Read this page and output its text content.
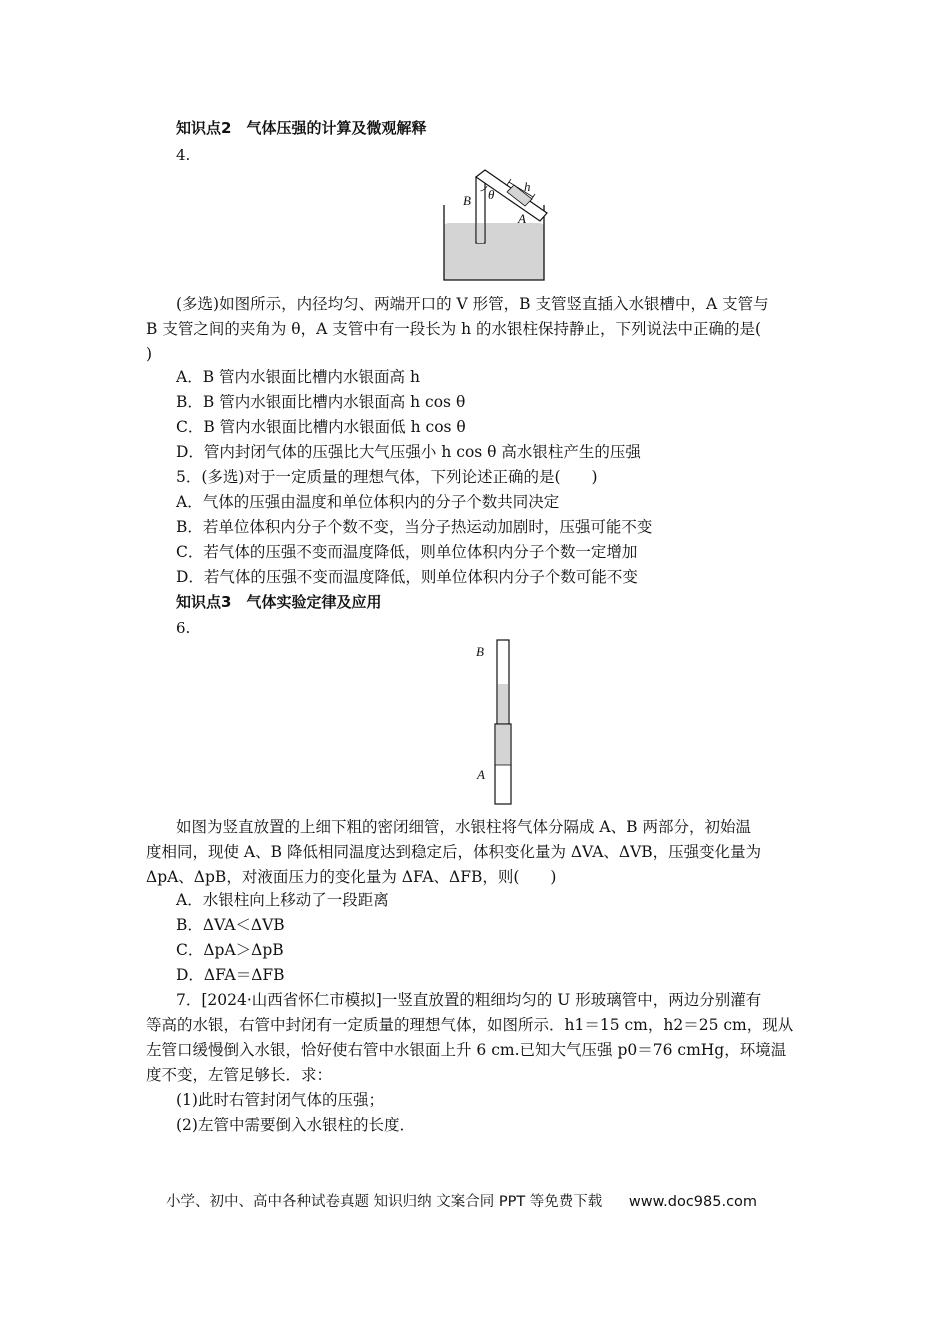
知识点2　气体压强的计算及微观解释
4.
B θ
h
A
(多选)如图所示，内径均匀、两端开口的 V 形管，B 支管竖直插入水银槽中，A 支管与
B 支管之间的夹角为 θ，A 支管中有一段长为 h 的水银柱保持静止，下列说法中正确的是(
)
A．B 管内水银面比槽内水银面高 h
B．B 管内水银面比槽内水银面高 h cos θ
C．B 管内水银面比槽内水银面低 h cos θ
D．管内封闭气体的压强比大气压强小 h cos θ 高水银柱产生的压强
5．(多选)对于一定质量的理想气体，下列论述正确的是(　　)
A．气体的压强由温度和单位体积内的分子个数共同决定
B．若单位体积内分子个数不变，当分子热运动加剧时，压强可能不变
C．若气体的压强不变而温度降低，则单位体积内分子个数一定增加
D．若气体的压强不变而温度降低，则单位体积内分子个数可能不变
知识点3　气体实验定律及应用
6.
B
A
如图为竖直放置的上细下粗的密闭细管，水银柱将气体分隔成 A、B 两部分，初始温
度相同，现使 A、B 降低相同温度达到稳定后，体积变化量为 ΔVA、ΔVB，压强变化量为
ΔpA、ΔpB，对液面压力的变化量为 ΔFA、ΔFB，则(　　)
A．水银柱向上移动了一段距离
B．ΔVA＜ΔVB
C．ΔpA＞ΔpB
D．ΔFA＝ΔFB
7．[2024·山西省怀仁市模拟]一竖直放置的粗细均匀的 U 形玻璃管中，两边分别灌有
等高的水银，右管中封闭有一定质量的理想气体，如图所示．h1＝15 cm，h2＝25 cm，现从
左管口缓慢倒入水银，恰好使右管中水银面上升 6 cm.已知大气压强 p0＝76 cmHg，环境温
度不变，左管足够长．求：
(1)此时右管封闭气体的压强；
(2)左管中需要倒入水银柱的长度．
小学、初中、高中各种试卷真题 知识归纳 文案合同 PPT 等免费下载 www.doc985.com
